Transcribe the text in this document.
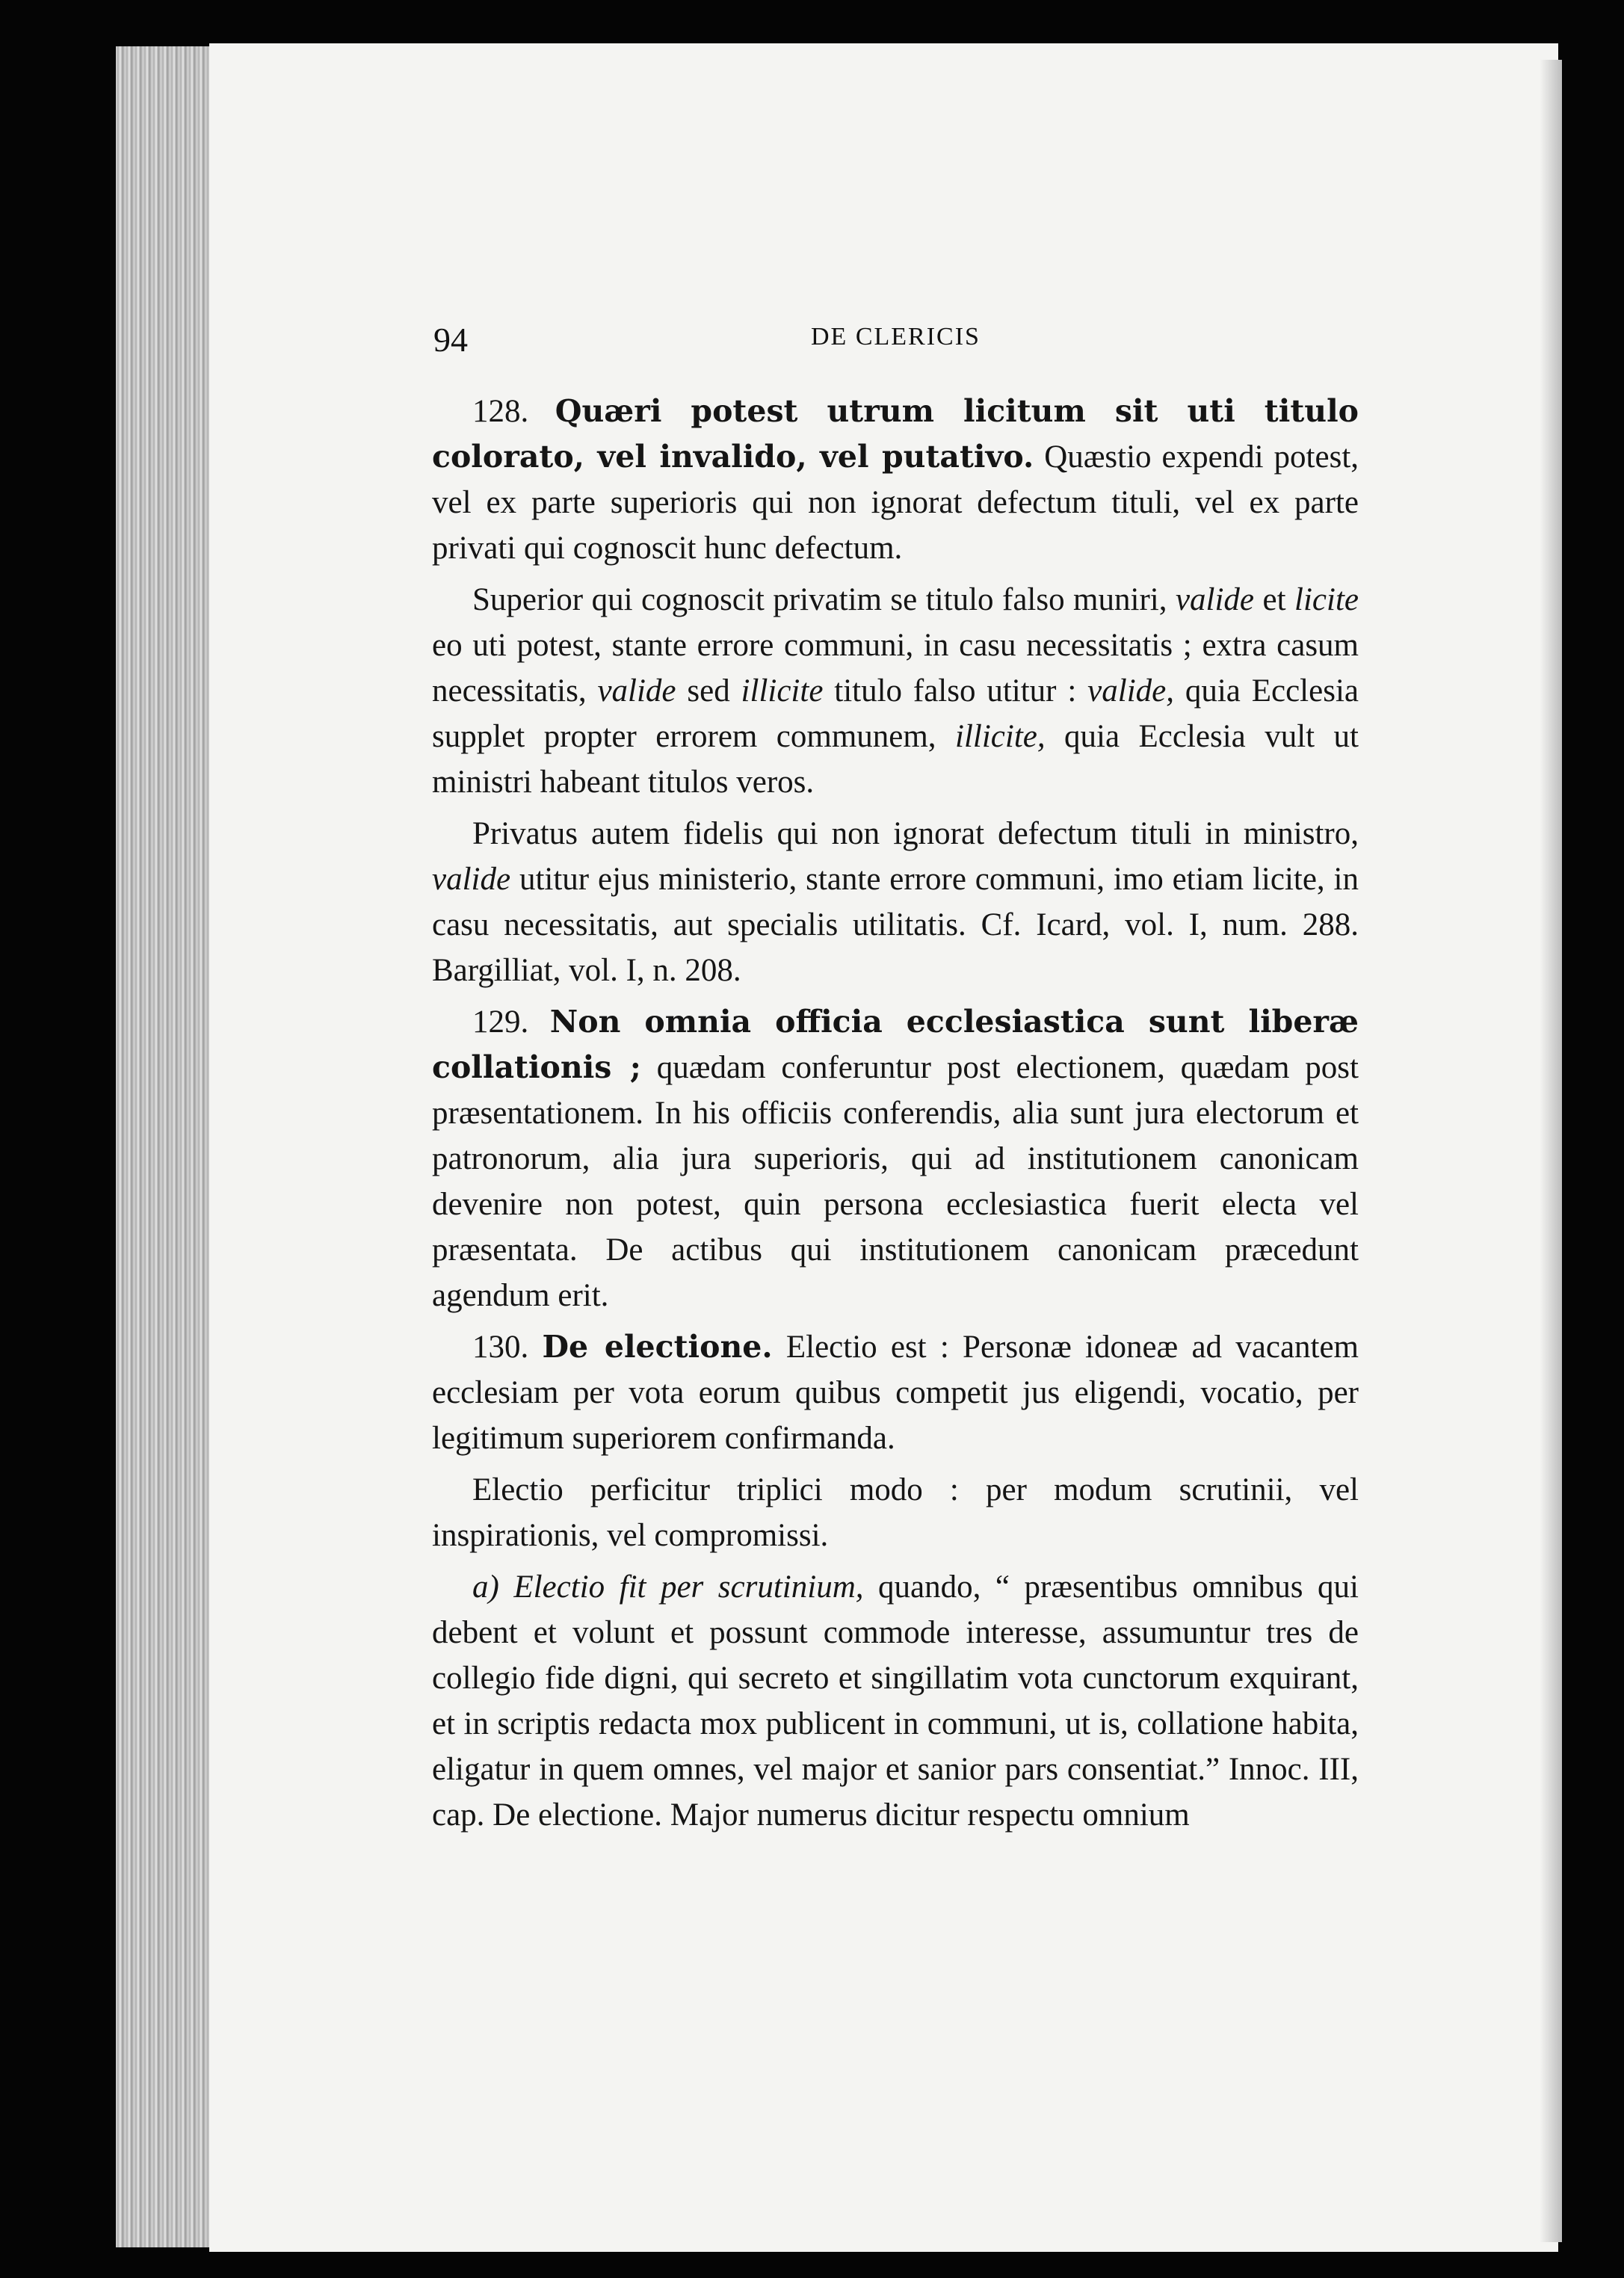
94	DE CLERICIS

128. Quæri potest utrum licitum sit uti titulo colorato, vel invalido, vel putativo. Quæstio expendi potest, vel ex parte superioris qui non ignorat defectum tituli, vel ex parte privati qui cognoscit hunc defectum.

Superior qui cognoscit privatim se titulo falso muniri, valide et licite eo uti potest, stante errore communi, in casu necessitatis ; extra casum necessitatis, valide sed illicite titulo falso utitur : valide, quia Ecclesia supplet propter errorem communem, illicite, quia Ecclesia vult ut ministri habeant titulos veros.

Privatus autem fidelis qui non ignorat defectum tituli in ministro, valide utitur ejus ministerio, stante errore communi, imo etiam licite, in casu necessitatis, aut specialis utilitatis. Cf. Icard, vol. I, num. 288. Bargilliat, vol. I, n. 208.

129. Non omnia officia ecclesiastica sunt liberæ collationis ; quædam conferuntur post electionem, quædam post præsentationem. In his officiis conferendis, alia sunt jura electorum et patronorum, alia jura superioris, qui ad institutionem canonicam devenire non potest, quin persona ecclesiastica fuerit electa vel præsentata. De actibus qui institutionem canonicam præcedunt agendum erit.

130. De electione. Electio est : Personæ idoneæ ad vacantem ecclesiam per vota eorum quibus competit jus eligendi, vocatio, per legitimum superiorem confirmanda.

Electio perficitur triplici modo : per modum scrutinii, vel inspirationis, vel compromissi.

a) Electio fit per scrutinium, quando, “ præsentibus omnibus qui debent et volunt et possunt commode interesse, assumuntur tres de collegio fide digni, qui secreto et singillatim vota cunctorum exquirant, et in scriptis redacta mox publicent in communi, ut is, collatione habita, eligatur in quem omnes, vel major et sanior pars consentiat.” Innoc. III, cap. De electione. Major numerus dicitur respectu omnium
